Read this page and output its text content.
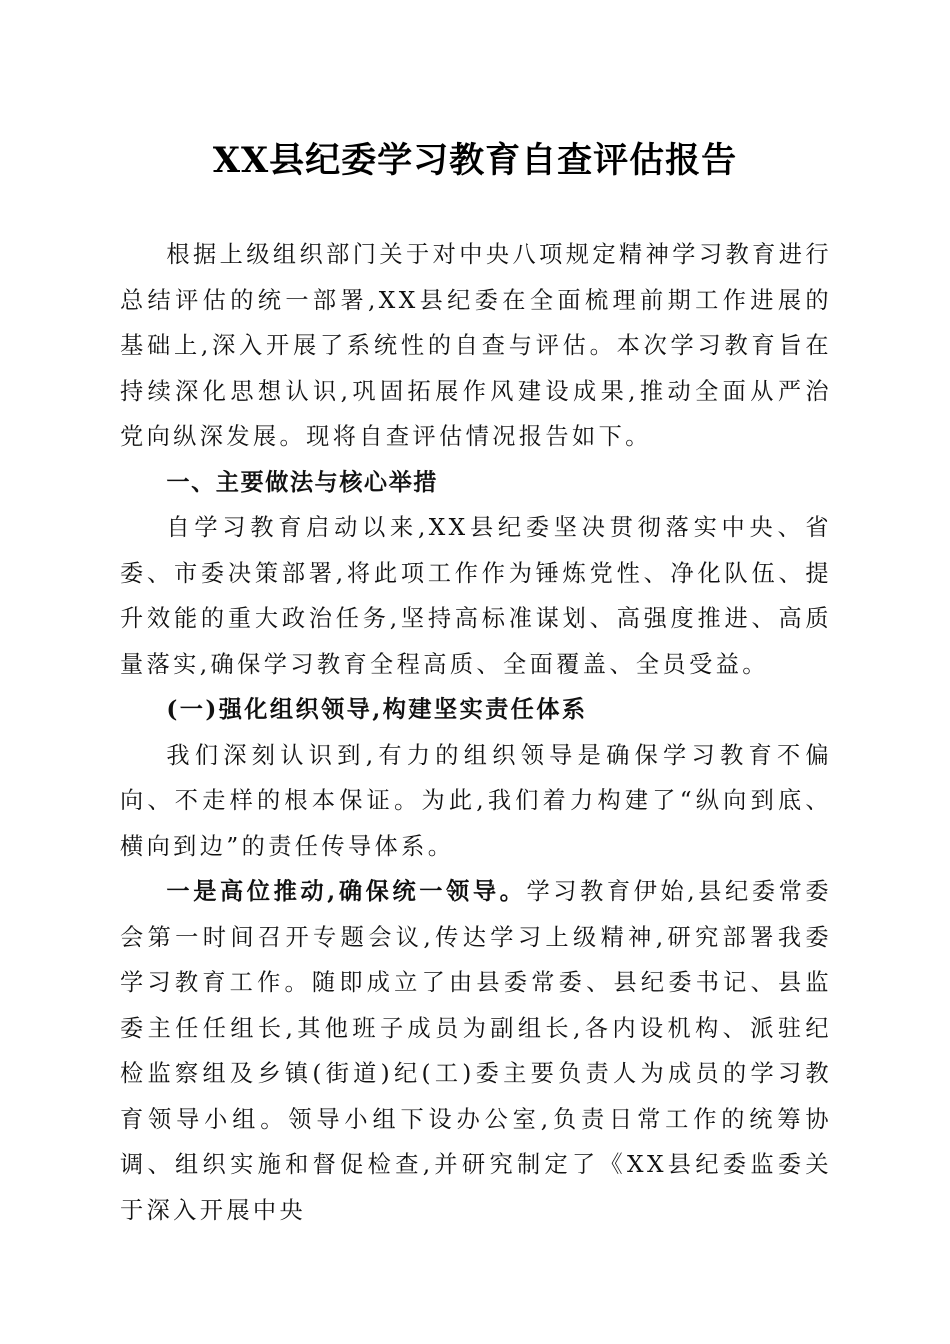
XX县纪委学习教育自查评估报告

根据上级组织部门关于对中央八项规定精神学习教育进行总结评估的统一部署,XX县纪委在全面梳理前期工作进展的基础上,深入开展了系统性的自查与评估。本次学习教育旨在持续深化思想认识,巩固拓展作风建设成果,推动全面从严治党向纵深发展。现将自查评估情况报告如下。

一、主要做法与核心举措

自学习教育启动以来,XX县纪委坚决贯彻落实中央、省委、市委决策部署,将此项工作作为锤炼党性、净化队伍、提升效能的重大政治任务,坚持高标准谋划、高强度推进、高质量落实,确保学习教育全程高质、全面覆盖、全员受益。

(一)强化组织领导,构建坚实责任体系

我们深刻认识到,有力的组织领导是确保学习教育不偏向、不走样的根本保证。为此,我们着力构建了“纵向到底、横向到边”的责任传导体系。

一是高位推动,确保统一领导。学习教育伊始,县纪委常委会第一时间召开专题会议,传达学习上级精神,研究部署我委学习教育工作。随即成立了由县委常委、县纪委书记、县监委主任任组长,其他班子成员为副组长,各内设机构、派驻纪检监察组及乡镇(街道)纪(工)委主要负责人为成员的学习教育领导小组。领导小组下设办公室,负责日常工作的统筹协调、组织实施和督促检查,并研究制定了《XX县纪委监委关于深入开展中央
